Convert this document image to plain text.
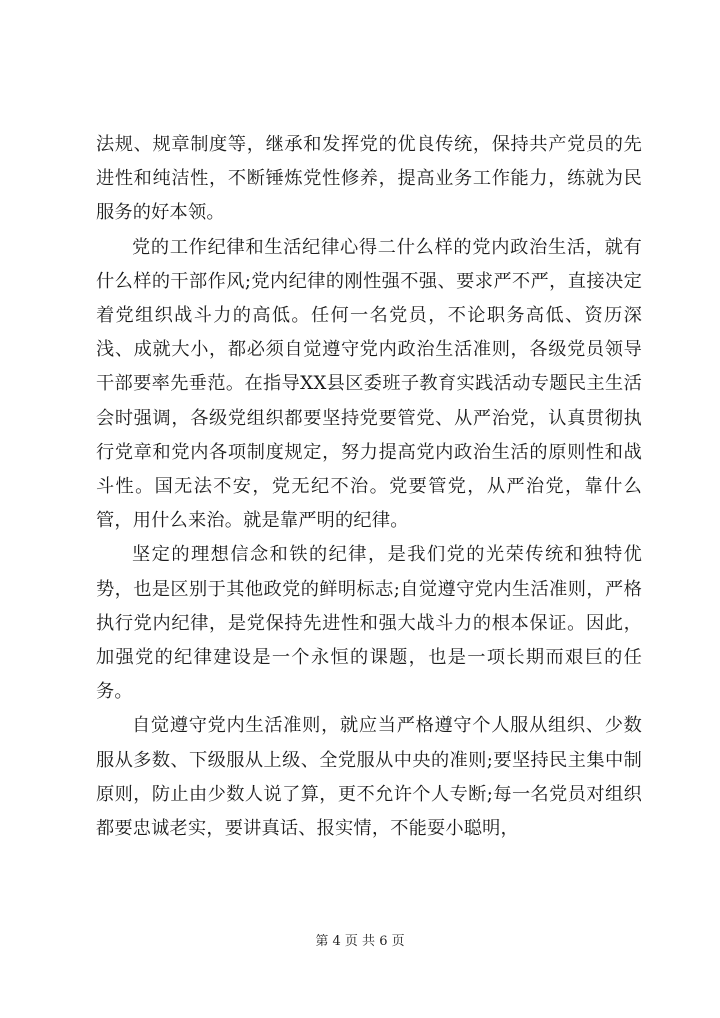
法规、规章制度等，继承和发挥党的优良传统，保持共产党员的先进性和纯洁性，不断锤炼党性修养，提高业务工作能力，练就为民服务的好本领。

党的工作纪律和生活纪律心得二什么样的党内政治生活，就有什么样的干部作风;党内纪律的刚性强不强、要求严不严，直接决定着党组织战斗力的高低。任何一名党员，不论职务高低、资历深浅、成就大小，都必须自觉遵守党内政治生活准则，各级党员领导干部要率先垂范。在指导XX县区委班子教育实践活动专题民主生活会时强调，各级党组织都要坚持党要管党、从严治党，认真贯彻执行党章和党内各项制度规定，努力提高党内政治生活的原则性和战斗性。国无法不安，党无纪不治。党要管党，从严治党，靠什么管，用什么来治。就是靠严明的纪律。

坚定的理想信念和铁的纪律，是我们党的光荣传统和独特优势，也是区别于其他政党的鲜明标志;自觉遵守党内生活准则，严格执行党内纪律，是党保持先进性和强大战斗力的根本保证。因此，加强党的纪律建设是一个永恒的课题，也是一项长期而艰巨的任务。

自觉遵守党内生活准则，就应当严格遵守个人服从组织、少数服从多数、下级服从上级、全党服从中央的准则;要坚持民主集中制原则，防止由少数人说了算，更不允许个人专断;每一名党员对组织都要忠诚老实，要讲真话、报实情，不能耍小聪明，

第 4 页 共 6 页
